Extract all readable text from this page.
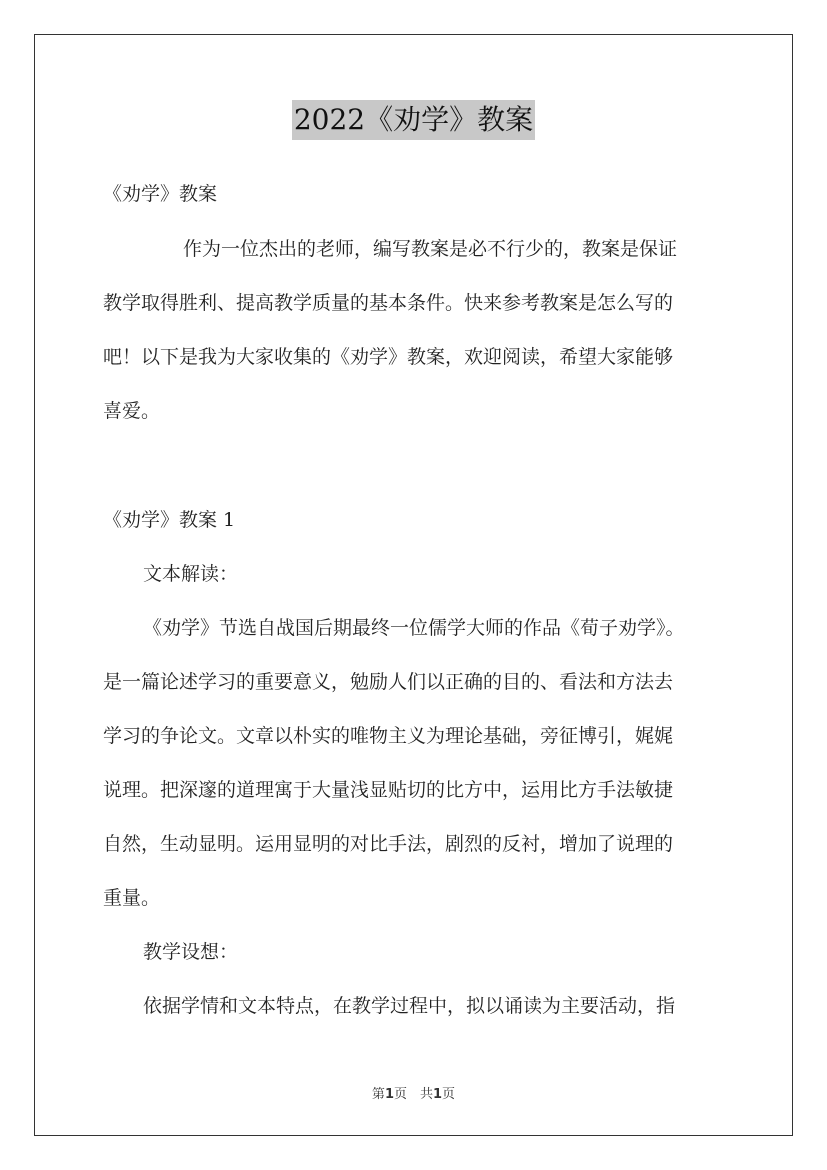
2022《劝学》教案
《劝学》教案
作为一位杰出的老师，编写教案是必不行少的，教案是保证
教学取得胜利、提高教学质量的基本条件。快来参考教案是怎么写的
吧！以下是我为大家收集的《劝学》教案，欢迎阅读，希望大家能够
喜爱。
《劝学》教案 1
文本解读：
《劝学》节选自战国后期最终一位儒学大师的作品《荀子劝学》。
是一篇论述学习的重要意义，勉励人们以正确的目的、看法和方法去
学习的争论文。文章以朴实的唯物主义为理论基础，旁征博引，娓娓
说理。把深邃的道理寓于大量浅显贴切的比方中，运用比方手法敏捷
自然，生动显明。运用显明的对比手法，剧烈的反衬，增加了说理的
重量。
教学设想：
依据学情和文本特点，在教学过程中，拟以诵读为主要活动，指
第1页　共1页
